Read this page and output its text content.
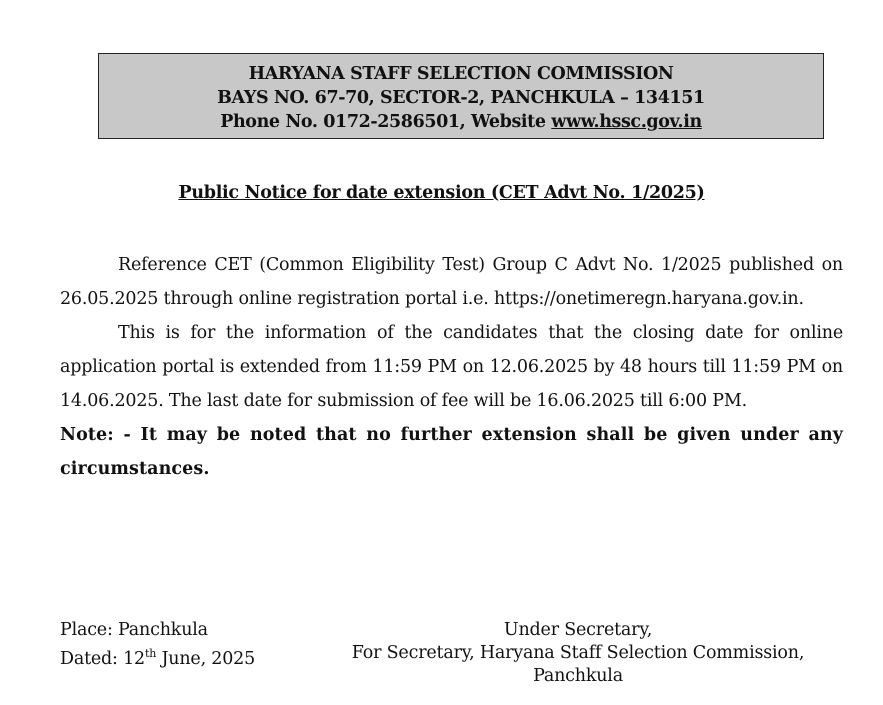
HARYANA STAFF SELECTION COMMISSION
BAYS NO. 67-70, SECTOR-2, PANCHKULA – 134151
Phone No. 0172-2586501, Website www.hssc.gov.in
Public Notice for date extension (CET Advt No. 1/2025)

Reference CET (Common Eligibility Test) Group C Advt No. 1/2025 published on 26.05.2025 through online registration portal i.e. https://onetimeregn.haryana.gov.in.

This is for the information of the candidates that the closing date for online application portal is extended from 11:59 PM on 12.06.2025 by 48 hours till 11:59 PM on 14.06.2025. The last date for submission of fee will be 16.06.2025 till 6:00 PM.

Note: - It may be noted that no further extension shall be given under any circumstances.

Place: Panchkula
Dated: 12th June, 2025
Under Secretary,
For Secretary, Haryana Staff Selection Commission,
Panchkula
